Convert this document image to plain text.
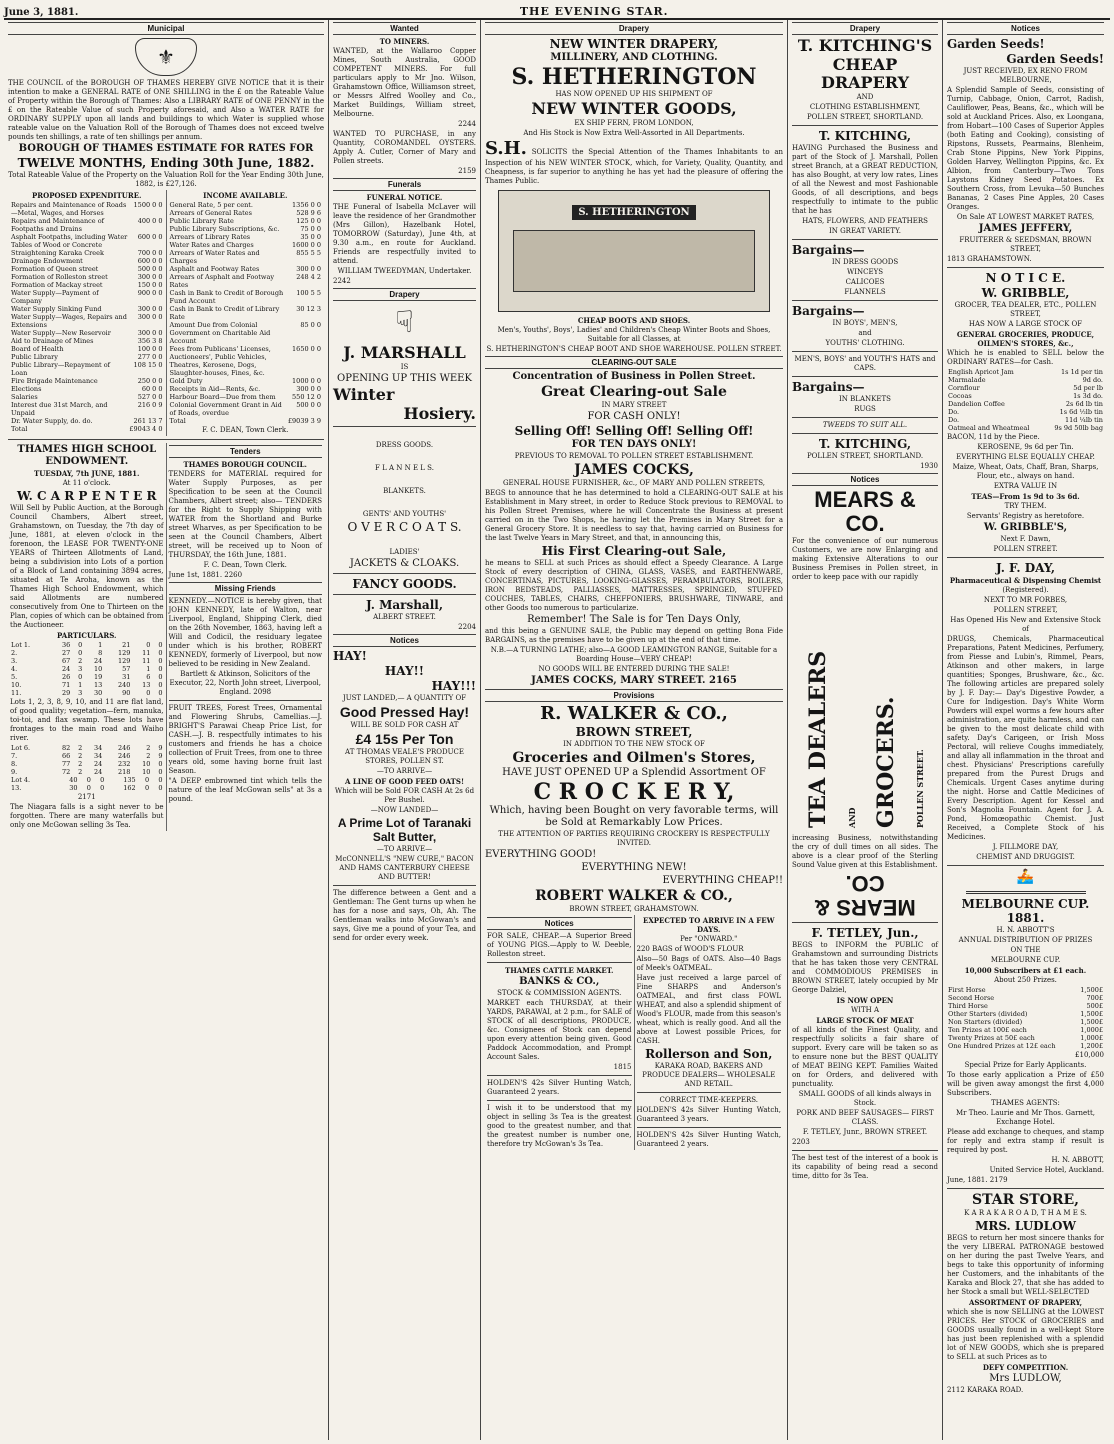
June 3, 1881.	THE EVENING STAR.
Municipal
⚜

THE COUNCIL of the BOROUGH OF THAMES HEREBY GIVE NOTICE that it is their intention to make a GENERAL RATE of ONE SHILLING in the £ on the Rateable Value of Property within the Borough of Thames: Also a LIBRARY RATE of ONE PENNY in the £ on the Rateable Value of such Property aforesaid, and Also a WATER RATE for ORDINARY SUPPLY upon all lands and buildings to which Water is supplied whose rateable value on the Valuation Roll of the Borough of Thames does not exceed twelve pounds ten shillings, a rate of ten shillings per annum.

BOROUGH OF THAMES ESTIMATE FOR RATES FOR

TWELVE MONTHS, Ending 30th June, 1882.

Total Rateable Value of the Property on the Valuation Roll for the Year Ending 30th June, 1882, is £27,126.

PROPOSED EXPENDITURE.

Repairs and Maintenance of Roads—Metal, Wages, and Horses	1500 0 0
Repairs and Maintenance of Footpaths and Drains	400 0 0
Asphalt Footpaths, including Water Tables of Wood or Concrete	600 0 0
Straightening Karaka Creek	700 0 0
Drainage Endowment	600 0 0
Formation of Queen street	500 0 0
Formation of Rolleston street	300 0 0
Formation of Mackay street	150 0 0
Water Supply—Payment of Company	900 0 0
Water Supply Sinking Fund	300 0 0
Water Supply—Wages, Repairs and Extensions	300 0 0
Water Supply—New Reservoir	300 0 0
Aid to Drainage of Mines	356 3 8
Board of Health	100 0 0
Public Library	277 0 0
Public Library—Repayment of Loan	108 15 0
Fire Brigade Maintenance	250 0 0
Elections	60 0 0
Salaries	527 0 0
Interest due 31st March, and Unpaid	216 0 9
Dr. Water Supply, do. do.	261 13 7
Total	£9043 4 0

INCOME AVAILABLE.

General Rate, 5 per cent.	1356 0 0
Arrears of General Rates	528 9 6
Public Library Rate	125 0 0
Public Library Subscriptions, &c.	75 0 0
Arrears of Library Rates	35 0 0
Water Rates and Charges	1600 0 0
Arrears of Water Rates and Charges	855 5 5
Asphalt and Footway Rates	300 0 0
Arrears of Asphalt and Footway Rates	248 4 2
Cash in Bank to Credit of Borough Fund Account	100 5 5
Cash in Bank to Credit of Library Rate	30 12 3
Amount Due from Colonial Government on Charitable Aid Account	85 0 0
Fees from Publicans' Licenses, Auctioneers', Public Vehicles, Theatres, Kerosene, Dogs, Slaughter-houses, Fines, &c.	1650 0 0
Gold Duty	1000 0 0
Receipts in Aid—Rents, &c.	300 0 0
Harbour Board—Due from them	550 12 0
Colonial Government Grant in Aid of Roads, overdue	500 0 0
Total	£9039 3 9

F. C. DEAN, Town Clerk.

THAMES HIGH SCHOOL ENDOWMENT.

TUESDAY, 7th JUNE, 1881.

At 11 o'clock.

W. C A R P E N T E R

Will Sell by Public Auction, at the Borough Council Chambers, Albert street, Grahamstown, on Tuesday, the 7th day of June, 1881, at eleven o'clock in the forenoon, the LEASE FOR TWENTY-ONE YEARS of Thirteen Allotments of Land, being a subdivision into Lots of a portion of a Block of Land containing 3894 acres, situated at Te Aroha, known as the Thames High School Endowment, which said Allotments are numbered consecutively from One to Thirteen on the Plan, copies of which can be obtained from the Auctioneer.

PARTICULARS.

Lot 1.	36	0	1	21	0	0
2.	27	0	8	129	11	0
3.	67	2	24	129	11	0
4.	24	3	10	57	1	0
5.	26	0	19	31	6	0
10.	71	1	13	240	13	0
11.	29	3	30	90	0	0

Lots 1, 2, 3, 8, 9, 10, and 11 are flat land, of good quality; vegetation—fern, manuka, toi-toi, and flax swamp. These lots have frontages to the main road and Waiho river.

Lot 6.	82	2	34	246	2	9
7.	66	2	34	246	2	9
8.	77	2	24	232	10	0
9.	72	2	24	218	10	0
Lot 4.	40	0	0	135	0	0
13.	30	0	0	162	0	0

2171

The Niagara falls is a sight never to be forgotten. There are many waterfalls but only one McGowan selling 3s Tea.

Tenders

THAMES BOROUGH COUNCIL.

TENDERS for MATERIAL required for Water Supply Purposes, as per Specification to be seen at the Council Chambers, Albert street; also— TENDERS for the Right to Supply Shipping with WATER from the Shortland and Burke street Wharves, as per Specification to be seen at the Council Chambers, Albert street, will be received up to Noon of THURSDAY, the 16th June, 1881.

F. C. Dean, Town Clerk.

June 1st, 1881. 2260

Missing Friends

KENNEDY.—NOTICE is hereby given, that JOHN KENNEDY, late of Walton, near Liverpool, England, Shipping Clerk, died on the 26th November, 1863, having left a Will and Codicil, the residuary legatee under which is his brother, ROBERT KENNEDY, formerly of Liverpool, but now believed to be residing in New Zealand.

Bartlett & Atkinson, Solicitors of the Executor, 22, North John street, Liverpool, England. 2098

FRUIT TREES, Forest Trees, Ornamental and Flowering Shrubs, Camellias.—J. BRIGHT'S Parawai Cheap Price List, for CASH.—J. B. respectfully intimates to his customers and friends he has a choice collection of Fruit Trees, from one to three years old, some having borne fruit last Season.

"A DEEP embrowned tint which tells the nature of the leaf McGowan sells" at 3s a pound.

Wanted

TO MINERS.

WANTED, at the Wallaroo Copper Mines, South Australia, GOOD COMPETENT MINERS. For full particulars apply to Mr Jno. Wilson, Grahamstown Office, Williamson street, or Messrs Alfred Woolley and Co., Market Buildings, William street, Melbourne.

2244

WANTED TO PURCHASE, in any Quantity, COROMANDEL OYSTERS. Apply A. Cutler, Corner of Mary and Pollen streets.

2159

Funerals

FUNERAL NOTICE.

THE Funeral of Isabella McLaver will leave the residence of her Grandmother (Mrs Gillon), Hazelbank Hotel, TOMORROW (Saturday), June 4th, at 9.30 a.m., en route for Auckland. Friends are respectfully invited to attend.

WILLIAM TWEEDYMAN, Undertaker.

2242

Drapery
☟

J. MARSHALL

IS

OPENING UP THIS WEEK

Winter

Hosiery.

DRESS GOODS.

F L A N N E L S.

BLANKETS.

GENTS' AND YOUTHS'

O V E R C O A T S.

LADIES'

JACKETS & CLOAKS.

FANCY GOODS.

J. Marshall,

ALBERT STREET.

2204

Notices

HAY!

HAY!!

HAY!!!

JUST LANDED,— A QUANTITY OF

Good Pressed Hay!

WILL BE SOLD FOR CASH AT

£4 15s Per Ton

AT THOMAS VEALE'S PRODUCE STORES, POLLEN ST.

—TO ARRIVE—

A LINE OF GOOD FEED OATS!

Which will be Sold FOR CASH At 2s 6d Per Bushel.

—NOW LANDED—

A Prime Lot of Taranaki Salt Butter,

—TO ARRIVE—

McCONNELL'S "NEW CURE," BACON AND HAMS CANTERBURY CHEESE AND BUTTER!

The difference between a Gent and a Gentleman: The Gent turns up when he has for a nose and says, Oh, Ah. The Gentleman walks into McGowan's and says, Give me a pound of your Tea, and send for order every week.

Drapery

NEW WINTER DRAPERY,

MILLINERY, AND CLOTHING.

S. HETHERINGTON

HAS NOW OPENED UP HIS SHIPMENT OF

NEW WINTER GOODS,

EX SHIP FERN, FROM LONDON,

And His Stock is Now Extra Well-Assorted in All Departments.

S.H. SOLICITS the Special Attention of the Thames Inhabitants to an Inspection of his NEW WINTER STOCK, which, for Variety, Quality, Quantity, and Cheapness, is far superior to anything he has yet had the pleasure of offering the Thames Public.

S. HETHERINGTON

CHEAP BOOTS AND SHOES.

Men's, Youths', Boys', Ladies' and Children's Cheap Winter Boots and Shoes, Suitable for all Classes, at

S. HETHERINGTON'S CHEAP BOOT AND SHOE WAREHOUSE. POLLEN STREET.

CLEARING-OUT SALE

Concentration of Business in Pollen Street.

Great Clearing-out Sale

IN MARY STREET

FOR CASH ONLY!

Selling Off! Selling Off! Selling Off!

FOR TEN DAYS ONLY!

PREVIOUS TO REMOVAL TO POLLEN STREET ESTABLISHMENT.

JAMES COCKS,

GENERAL HOUSE FURNISHER, &c., OF MARY AND POLLEN STREETS,

BEGS to announce that he has determined to hold a CLEARING-OUT SALE at his Establishment in Mary street, in order to Reduce Stock previous to REMOVAL to his Pollen Street Premises, where he will Concentrate the Business at present carried on in the Two Shops, he having let the Premises in Mary Street for a General Grocery Store. It is needless to say that, having carried on Business for the last Twelve Years in Mary Street, and that, in announcing this,

His First Clearing-out Sale,

he means to SELL at such Prices as should effect a Speedy Clearance. A Large Stock of every description of CHINA, GLASS, VASES, and EARTHENWARE, CONCERTINAS, PICTURES, LOOKING-GLASSES, PERAMBULATORS, BOILERS, IRON BEDSTEADS, PALLIASSES, MATTRESSES, SPRINGED, STUFFED COUCHES, TABLES, CHAIRS, CHEFFONIERS, BRUSHWARE, TINWARE, and other Goods too numerous to particularize.

Remember! The Sale is for Ten Days Only,

and this being a GENUINE SALE, the Public may depend on getting Bona Fide BARGAINS, as the premises have to be given up at the end of that time.

N.B.—A TURNING LATHE; also—A GOOD LEAMINGTON RANGE, Suitable for a Boarding House—VERY CHEAP!

NO GOODS WILL BE ENTERED DURING THE SALE!

JAMES COCKS, MARY STREET. 2165

Provisions

R. WALKER & CO.,

BROWN STREET,

IN ADDITION TO THE NEW STOCK OF

Groceries and Oilmen's Stores,

HAVE JUST OPENED UP a Splendid Assortment OF

C R O C K E R Y,

Which, having been Bought on very favorable terms, will be Sold at Remarkably Low Prices.

THE ATTENTION OF PARTIES REQUIRING CROCKERY IS RESPECTFULLY INVITED.

EVERYTHING GOOD!

EVERYTHING NEW!

EVERYTHING CHEAP!!

ROBERT WALKER & CO.,

BROWN STREET, GRAHAMSTOWN.

Notices

FOR SALE, CHEAP.—A Superior Breed of YOUNG PIGS.—Apply to W. Deeble, Rolleston street.

THAMES CATTLE MARKET.

BANKS & CO.,

STOCK & COMMISSION AGENTS.

MARKET each THURSDAY, at their YARDS, PARAWAI, at 2 p.m., for SALE of STOCK of all descriptions, PRODUCE, &c. Consignees of Stock can depend upon every attention being given. Good Paddock Accommodation, and Prompt Account Sales.

1815

HOLDEN'S 42s Silver Hunting Watch, Guaranteed 2 years.

I wish it to be understood that my object in selling 3s Tea is the greatest good to the greatest number, and that the greatest number is number one, therefore try McGowan's 3s Tea.

EXPECTED TO ARRIVE IN A FEW DAYS.

Per "ONWARD."

220 BAGS of WOOD'S FLOUR

Also—50 Bags of OATS. Also—40 Bags of Meek's OATMEAL.

Have just received a large parcel of Fine SHARPS and Anderson's OATMEAL, and first class FOWL WHEAT, and also a splendid shipment of Wood's FLOUR, made from this season's wheat, which is really good. And all the above at Lowest possible Prices, for CASH.

Rollerson and Son,

KARAKA ROAD, BAKERS AND PRODUCE DEALERS— WHOLESALE AND RETAIL.

CORRECT TIME-KEEPERS.

HOLDEN'S 42s Silver Hunting Watch, Guaranteed 3 years.

HOLDEN'S 42s Silver Hunting Watch, Guaranteed 2 years.

Drapery

T. KITCHING'S

CHEAP DRAPERY

AND

CLOTHING ESTABLISHMENT,

POLLEN STREET, SHORTLAND.

T. KITCHING,

HAVING Purchased the Business and part of the Stock of J. Marshall, Pollen street Branch, at a GREAT REDUCTION, has also Bought, at very low rates, Lines of all the Newest and most Fashionable Goods, of all descriptions, and begs respectfully to intimate to the public that he has

HATS, FLOWERS, AND FEATHERS

IN GREAT VARIETY.

Bargains—

IN DRESS GOODS

WINCEYS

CALICOES

FLANNELS

Bargains—

IN BOYS', MEN'S,

and

YOUTHS' CLOTHING.

MEN'S, BOYS' and YOUTH'S HATS and CAPS.

Bargains—

IN BLANKETS

RUGS

TWEEDS TO SUIT ALL.

T. KITCHING,

POLLEN STREET, SHORTLAND.

1930

Notices

MEARS & CO.

For the convenience of our numerous Customers, we are now Enlarging and making Extensive Alterations to our Business Premises in Pollen street, in order to keep pace with our rapidly

TEA DEALERS AND GROCERS. POLLEN STREET.

increasing Business, notwithstanding the cry of dull times on all sides. The above is a clear proof of the Sterling Sound Value given at this Establishment.

MEARS & CO.

F. TETLEY, Jun.,

BEGS to INFORM the PUBLIC of Grahamstown and surrounding Districts that he has taken those very CENTRAL and COMMODIOUS PREMISES in BROWN STREET, lately occupied by Mr George Dalziel,

IS NOW OPEN

WITH A

LARGE STOCK OF MEAT

of all kinds of the Finest Quality, and respectfully solicits a fair share of support. Every care will be taken so as to ensure none but the BEST QUALITY of MEAT BEING KEPT. Families Waited on for Orders, and delivered with punctuality.

SMALL GOODS of all kinds always in Stock.

PORK AND BEEF SAUSAGES— FIRST CLASS.

F. TETLEY, Junr., BROWN STREET.

2203

The best test of the interest of a book is its capability of being read a second time, ditto for 3s Tea.

Notices

Garden Seeds!

Garden Seeds!

JUST RECEIVED, EX RENO FROM MELBOURNE,

A Splendid Sample of Seeds, consisting of Turnip, Cabbage, Onion, Carrot, Radish, Cauliflower, Peas, Beans, &c., which will be sold at Auckland Prices. Also, ex Loongana, from Hobart—100 Cases of Superior Apples (both Eating and Cooking), consisting of Ripstons, Russets, Pearmains, Blenheim, Crab Stone Pippins, New York Pippins, Golden Harvey, Wellington Pippins, &c. Ex Albion, from Canterbury—Two Tons Laystons Kidney Seed Potatoes. Ex Southern Cross, from Levuka—50 Bunches Bananas, 2 Cases Pine Apples, 20 Cases Oranges.

On Sale AT LOWEST MARKET RATES,

JAMES JEFFERY,

FRUITERER & SEEDSMAN, BROWN STREET,

1813 GRAHAMSTOWN.

N O T I C E.

W. GRIBBLE,

GROCER, TEA DEALER, ETC., POLLEN STREET,

HAS NOW A LARGE STOCK OF

GENERAL GROCERIES, PRODUCE, OILMEN'S STORES, &c.,

Which he is enabled to SELL below the ORDINARY RATES—for Cash.

English Apricot Jam	1s 1d per tin
Marmalade	9d do.
Cornflour	5d per lb
Cocoas	1s 3d do.
Dandelion Coffee	2s 6d lb tin
Do.	1s 6d ½lb tin
Do.	11d ¼lb tin
Oatmeal and Wheatmeal	9s 9d 50lb bag

BACON, 11d by the Piece.

KEROSENE, 9s 6d per Tin.

EVERYTHING ELSE EQUALLY CHEAP.

Maize, Wheat, Oats, Chaff, Bran, Sharps, Flour, etc., always on hand.

EXTRA VALUE IN

TEAS—From 1s 9d to 3s 6d.

TRY THEM.

Servants' Registry as heretofore.

W. GRIBBLE'S,

Next F. Dawn,

POLLEN STREET.

J. F. DAY,

Pharmaceutical & Dispensing Chemist

(Registered).

NEXT TO MR FORBES,

POLLEN STREET,

Has Opened His New and Extensive Stock of

DRUGS, Chemicals, Pharmaceutical Preparations, Patent Medicines, Perfumery, from Piesse and Lubin's, Rimmel, Pears, Atkinson and other makers, in large quantities; Sponges, Brushware, &c., &c. The following articles are prepared solely by J. F. Day:— Day's Digestive Powder, a Cure for Indigestion. Day's White Worm Powders will expel worms a few hours after administration, are quite harmless, and can be given to the most delicate child with safety. Day's Carigeen, or Irish Moss Pectoral, will relieve Coughs immediately, and allay all inflammation in the throat and chest. Physicians' Prescriptions carefully prepared from the Purest Drugs and Chemicals. Urgent Cases anytime during the night. Horse and Cattle Medicines of Every Description. Agent for Kessel and Son's Magnolia Fountain. Agent for J. A. Pond, Homœopathic Chemist. Just Received, a Complete Stock of his Medicines.

J. FILLMORE DAY,

CHEMIST AND DRUGGIST.

🚣

MELBOURNE CUP. 1881.

H. N. ABBOTT'S

ANNUAL DISTRIBUTION OF PRIZES

ON THE

MELBOURNE CUP.

10,000 Subscribers at £1 each.

About 250 Prizes.

First Horse	1,500£
Second Horse	700£
Third Horse	500£
Other Starters (divided)	1,500£
Non Starters (divided)	1,500£
Ten Prizes at 100£ each	1,000£
Twenty Prizes at 50£ each	1,000£
One Hundred Prizes at 12£ each	1,200£

£10,000

Special Prize for Early Applicants.

To those early application a Prize of £50 will be given away amongst the first 4,000 Subscribers.

THAMES AGENTS:

Mr Theo. Laurie and Mr Thos. Garnett, Exchange Hotel.

Please add exchange to cheques, and stamp for reply and extra stamp if result is required by post.

H. N. ABBOTT,

United Service Hotel, Auckland.

June, 1881. 2179

STAR STORE,

K A R A K A R O A D, T H A M E S.

MRS. LUDLOW

BEGS to return her most sincere thanks for the very LIBERAL PATRONAGE bestowed on her during the past Twelve Years, and begs to take this opportunity of informing her Customers, and the inhabitants of the Karaka and Block 27, that she has added to her Stock a small but WELL-SELECTED

ASSORTMENT OF DRAPERY,

which she is now SELLING at the LOWEST PRICES. Her STOCK of GROCERIES and GOODS usually found in a well-kept Store has just been replenished with a splendid lot of NEW GOODS, which she is prepared to SELL at such Prices as to

DEFY COMPETITION.

Mrs LUDLOW,

2112 KARAKA ROAD.
